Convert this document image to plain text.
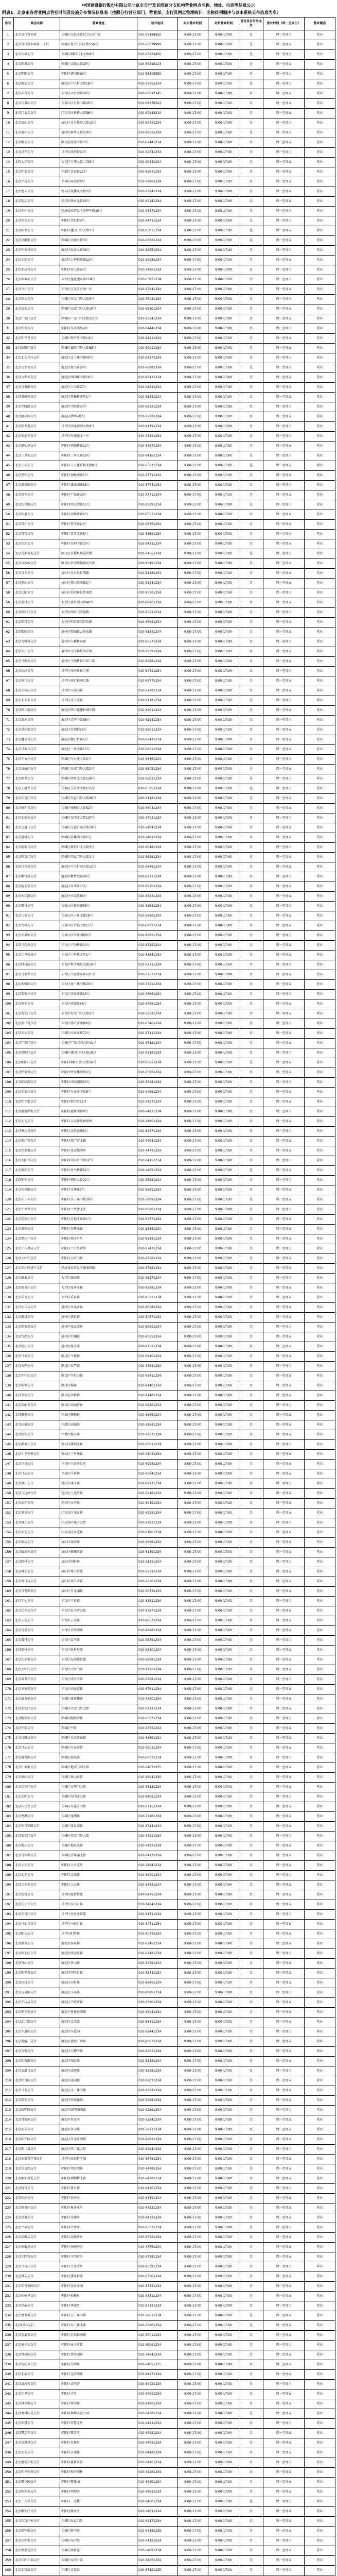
中国建设银行股份有限公司北京市分行及其所辖分支机构营业网点名称、地址、电话等信息公示
附表1：北京市各营业网点营业时间及设施分布情况信息表（按照分行营业部门、营业部、支行及网点整理统计，名称排列顺序与以本系统公布信息为准）
序号	网点名称	营业地址	营业电话	对公营业时间	对私营业时间	是否具有外币业务	营业时间（周一至周日）	营业网点
1	北京分行营业部	东城区东长安街1号东方广场	010-65184555	9:00-17:00	9:00-17:00	是	周一至周日	营业
2	北京分行营业部第一支行	西城区复兴门内大街156号	010-66079999	9:00-17:00	9:00-17:00	是	周一至周五	营业
3	北京东城支行	东城区朝阳门北大街8号	010-65233456	9:00-17:00	9:00-17:00	是	周一至周日	营业
4	北京西城支行	西城区金融大街25号	010-66218123	9:00-17:00	9:00-17:00	是	周一至周五	营业
5	北京朝阳支行	朝阳区建国路88号	010-85805555	9:00-17:00	9:00-17:00	是	周一至周日	营业
6	北京海淀支行	海淀区中关村大街18号	010-62561234	9:00-17:00	9:00-17:00	是	周一至周日	营业
7	北京丰台支行	丰台区丰台南路99号	010-63812345	9:00-17:00	9:00-17:00	否	周一至周五	营业
8	北京石景山支行	石景山区石景山路20号	010-68876543	9:00-17:00	9:00-17:00	否	周一至周五	营业
9	北京门头沟支行	门头沟区新桥大街56号	010-69843210	9:00-17:00	9:00-17:00	否	周一至周五	营业
10	北京房山支行	房山区良乡拱辰大街12号	010-89351234	9:00-17:00	9:00-17:00	否	周一至周日	营业
11	北京通州支行	通州区新华大街100号	010-69551234	9:00-17:00	9:00-17:00	是	周一至周日	营业
12	北京顺义支行	顺义区府前中街5号	010-69441234	9:00-17:00	9:00-17:00	否	周一至周五	营业
13	北京昌平支行	昌平区政府街10号	010-69741234	9:00-17:00	9:00-17:00	否	周一至周日	营业
14	北京大兴支行	大兴区兴华大街二段3号	010-69241234	9:00-17:00	9:00-17:00	否	周一至周五	营业
15	北京怀柔支行	怀柔区青春路22号	010-69621234	9:00-17:00	9:00-17:00	否	周一至周五	营业
16	北京平谷支行	平谷区府前街8号	010-69961234	9:00-17:00	9:00-17:00	否	周一至周五	营业
17	北京密云支行	密云区鼓楼东大街3号	010-69041234	9:00-17:00	9:00-17:00	否	周一至周五	营业
18	北京延庆支行	延庆区妫水北街15号	010-69141234	9:00-17:00	9:00-17:00	否	周一至周五	营业
19	北京亦庄支行	经济技术开发区荣华中路10号	010-67871234	9:00-17:00	9:00-17:00	是	周一至周日	营业
20	北京望京支行	朝阳区望京街9号	010-64711234	9:00-17:00	9:00-17:00	是	周一至周日	营业
21	北京国贸支行	朝阳区建国门外大街1号	010-65051234	9:00-17:00	9:00-17:00	是	周一至周五	营业
22	北京金融街支行	西城区金融大街3号	010-66221234	9:00-17:00	9:00-17:00	是	周一至周五	营业
23	北京中关村支行	海淀区海淀大街38号	010-62651234	9:00-17:00	9:00-17:00	是	周一至周日	营业
24	北京上地支行	海淀区上地信息路12号	010-62981234	9:00-17:00	9:00-17:00	否	周一至周五	营业
25	北京亚运村支行	朝阳区安立路60号	010-64961234	9:00-17:00	9:00-17:00	是	周一至周日	营业
26	北京西客站支行	丰台区莲花池东路118号	010-63951234	9:00-17:00	9:00-17:00	否	周一至周日	营业
27	北京方庄支行	丰台区方庄芳古园一区	010-67641234	9:00-17:00	9:00-17:00	否	周一至周五	营业
28	北京崇文支行	东城区崇文门外大街3号	010-67081234	9:00-17:00	9:00-17:00	是	周一至周日	营业
29	北京宣武支行	西城区宣武门外大街10号	010-63101234	9:00-17:00	9:00-17:00	是	周一至周五	营业
30	北京广安门支行	西城区广安门内大街311号	010-63541234	9:00-17:00	9:00-17:00	否	周一至周五	营业
31	北京安贞支行	朝阳区安贞西里4区	010-64441234	9:00-17:00	9:00-17:00	否	周一至周日	营业
32	北京和平里支行	东城区和平里中街14号	010-84211234	9:00-17:00	9:00-17:00	否	周一至周五	营业
33	北京德胜门支行	西城区德胜门外大街83号	010-62011234	9:00-17:00	9:00-17:00	否	周一至周五	营业
34	北京北太平庄支行	海淀区北三环中路40号	010-62371234	9:00-17:00	9:00-17:00	否	周一至周日	营业
35	北京公主坟支行	海淀区复兴路29号	010-68281234	9:00-17:00	9:00-17:00	是	周一至周日	营业
36	北京五棵松支行	海淀区西四环中路16号	010-88121234	9:00-17:00	9:00-17:00	否	周一至周五	营业
37	北京万寿路支行	海淀区万寿路27号	010-68211234	9:00-17:00	9:00-17:00	否	周一至周五	营业
38	北京双榆树支行	海淀区双榆树南里1号	010-62551234	9:00-17:00	9:00-17:00	否	周一至周五	营业
39	北京学院路支行	海淀区学院路30号	010-62321234	9:00-17:00	9:00-17:00	否	周一至周日	营业
40	北京清华园支行	海淀区清华园1号	010-62781234	9:00-17:00	9:00-17:00	否	周一至周五	营业
41	北京回龙观支行	昌平区回龙观西大街9号	010-81791234	9:00-17:00	9:00-17:00	否	周一至周日	营业
42	北京天通苑支行	昌平区天通苑北一区	010-84821234	9:00-17:00	9:00-17:00	否	周一至周日	营业
43	北京酒仙桥支行	朝阳区酒仙桥路12号	010-64371234	9:00-17:00	9:00-17:00	否	周一至周五	营业
44	北京三里屯支行	朝阳区三里屯路19号	010-64161234	9:00-17:00	9:00-17:00	是	周一至周日	营业
45	北京工体支行	朝阳区工人体育场北路8号	010-65521234	9:00-17:00	9:00-17:00	是	周一至周五	营业
46	北京劲松支行	朝阳区劲松南路1号	010-67711234	9:00-17:00	9:00-17:00	否	周一至周五	营业
47	北京潘家园支行	朝阳区潘家园路18号	010-67741234	9:00-17:00	9:00-17:00	否	周一至周日	营业
48	北京双井支行	朝阳区广渠路36号	010-87711234	9:00-17:00	9:00-17:00	否	周一至周五	营业
49	北京大望路支行	朝阳区西大望路15号	010-85991234	9:00-17:00	9:00-17:00	是	周一至周日	营业
50	北京四惠支行	朝阳区高碑店路6号	010-85571234	9:00-17:00	9:00-17:00	否	周一至周五	营业
51	北京管庄支行	朝阳区管庄路20号	010-65761234	9:00-17:00	9:00-17:00	否	周一至周五	营业
52	北京常营支行	朝阳区常营北路5号	010-85391234	9:00-17:00	9:00-17:00	否	周一至周日	营业
53	北京东坝支行	朝阳区东坝中路30号	010-84311234	9:00-17:00	9:00-17:00	否	周一至周五	营业
54	北京首都机场支行	顺义区首都机场航站楼	010-64561234	9:00-17:00	9:00-17:00	是	周一至周日	营业
55	北京后沙峪支行	顺义区后沙峪镇裕民大街	010-80491234	9:00-17:00	9:00-17:00	否	周一至周五	营业
56	北京良乡支行	房山区良乡长虹西路	010-81381234	9:00-17:00	9:00-17:00	否	周一至周五	营业
57	北京燕山支行	房山区燕山岗南路2号	010-69341234	9:00-17:00	9:00-17:00	否	周一至周五	营业
58	北京长阳支行	房山区长阳镇长政南街	010-80361234	9:00-17:00	9:00-17:00	否	周一至周日	营业
59	北京黄村支行	大兴区黄村西大街40号	010-69261234	9:00-17:00	9:00-17:00	否	周一至周五	营业
60	北京西红门支行	大兴区西红门宏福路	010-60211234	9:00-17:00	9:00-17:00	否	周一至周日	营业
61	北京旧宫支行	大兴区旧宫镇旧宫东路	010-67981234	9:00-17:00	9:00-17:00	否	周一至周五	营业
62	北京梨园支行	通州区梨园镇云景东路	010-81531234	9:00-17:00	9:00-17:00	否	周一至周五	营业
63	北京九棵树支行	通州区九棵树东路	010-60571234	9:00-17:00	9:00-17:00	否	周一至周日	营业
64	北京宋庄支行	通州区宋庄镇政府东街	010-69591234	9:00-17:00	9:00-17:00	否	周一至周五	营业
65	北京马驹桥支行	通州区马驹桥镇兴贸三街	010-80881234	9:00-17:00	9:00-17:00	否	周一至周五	营业
66	北京沙河支行	昌平区沙河镇松兰堡	010-80721234	9:00-17:00	9:00-17:00	否	周一至周日	营业
67	北京南口支行	昌平区南口镇南口路	010-69771234	9:00-17:00	9:00-17:00	否	周一至周五	营业
68	北京小汤山支行	昌平区小汤山镇	010-61781234	9:00-17:00	9:00-17:00	否	周一至周五	营业
69	北京北七家支行	昌平区北七家镇	010-81781234	9:00-17:00	9:00-17:00	否	周一至周日	营业
70	北京西三旗支行	海淀区西三旗建材城中路	010-82911234	9:00-17:00	9:00-17:00	否	周一至周五	营业
71	北京清河支行	海淀区清河中街68号	010-62931234	9:00-17:00	9:00-17:00	否	周一至周日	营业
72	北京苏州街支行	海淀区苏州街18号	010-82611234	9:00-17:00	9:00-17:00	是	周一至周五	营业
73	北京魏公村支行	海淀区魏公村路6号	010-68421234	9:00-17:00	9:00-17:00	否	周一至周五	营业
74	北京甘家口支行	海淀区三里河路17号	010-68311234	9:00-17:00	9:00-17:00	否	周一至周五	营业
75	北京车公庄支行	西城区车公庄大街9号	010-88361234	9:00-17:00	9:00-17:00	否	周一至周日	营业
76	北京阜成门支行	西城区阜成门外大街2号	010-68051234	9:00-17:00	9:00-17:00	是	周一至周五	营业
77	北京西单支行	西城区西单北大街120号	010-66021234	9:00-17:00	9:00-17:00	是	周一至周日	营业
78	北京王府井支行	东城区王府井大街255号	010-65251234	9:00-17:00	9:00-17:00	是	周一至周日	营业
79	北京东直门支行	东城区东直门外大街46号	010-64181234	9:00-17:00	9:00-17:00	是	周一至周五	营业
80	北京雍和宫支行	东城区雍和宫大街52号	010-84041234	9:00-17:00	9:00-17:00	否	周一至周五	营业
81	北京北新桥支行	东城区东四北大街107号	010-64031234	9:00-17:00	9:00-17:00	否	周一至周日	营业
82	北京交道口支行	东城区交道口南大街19号	010-64041234	9:00-17:00	9:00-17:00	否	周一至周五	营业
83	北京鼓楼支行	西城区鼓楼西大街6号	010-64011234	9:00-17:00	9:00-17:00	否	周一至周五	营业
84	北京新街口支行	西城区新街口北大街3号	010-66181234	9:00-17:00	9:00-17:00	否	周一至周日	营业
85	北京西直门支行	西城区西直门外大街1号	010-88381234	9:00-17:00	9:00-17:00	是	周一至周五	营业
86	北京白石桥支行	海淀区中关村南大街12号	010-68481234	9:00-17:00	9:00-17:00	否	周一至周五	营业
87	北京紫竹桥支行	海淀区紫竹院路98号	010-68711234	9:00-17:00	9:00-17:00	否	周一至周日	营业
88	北京航天桥支行	海淀区阜成路73号	010-68151234	9:00-17:00	9:00-17:00	否	周一至周五	营业
89	北京永定路支行	海淀区永定路88号	010-68231234	9:00-17:00	9:00-17:00	否	周一至周五	营业
90	北京鲁谷支行	石景山区鲁谷路35号	010-68631234	9:00-17:00	9:00-17:00	否	周一至周日	营业
91	北京八角支行	石景山区八角北路18号	010-68861234	9:00-17:00	9:00-17:00	否	周一至周五	营业
92	北京古城支行	石景山区古城大街11号	010-68871234	9:00-17:00	9:00-17:00	否	周一至周五	营业
93	北京苹果园支行	石景山区苹果园路6号	010-88951234	9:00-17:00	9:00-17:00	否	周一至周日	营业
94	北京卢沟桥支行	丰台区卢沟桥路10号	010-83251234	9:00-17:00	9:00-17:00	否	周一至周五	营业
95	北京六里桥支行	丰台区六里桥北里1号	010-63341234	9:00-17:00	9:00-17:00	否	周一至周五	营业
96	北京科技园支行	丰台区科学城星火路10号	010-63711234	9:00-17:00	9:00-17:00	否	周一至周日	营业
97	北京马家堡支行	丰台区马家堡东路121号	010-67571234	9:00-17:00	9:00-17:00	否	周一至周五	营业
98	北京木樨园支行	丰台区南三环中路20号	010-67211234	9:00-17:00	9:00-17:00	否	周一至周五	营业
99	北京宋家庄支行	丰台区宋家庄路15号	010-67661234	9:00-17:00	9:00-17:00	否	周一至周日	营业
100	北京南苑支行	丰台区南苑路66号	010-67991234	9:00-17:00	9:00-17:00	否	周一至周五	营业
101	北京右安门支行	丰台区右安门外大街2号	010-63521234	9:00-17:00	9:00-17:00	否	周一至周五	营业
102	北京菜户营支行	丰台区菜户营南路8号	010-63461234	9:00-17:00	9:00-17:00	否	周一至周日	营业
103	北京天坛支行	东城区天坛东路72号	010-67111234	9:00-17:00	9:00-17:00	否	周一至周五	营业
104	北京广渠门支行	东城区广渠门内大街41号	010-67121234	9:00-17:00	9:00-17:00	否	周一至周五	营业
105	北京建国门支行	东城区建国门内大街18号	010-65121234	9:00-17:00	9:00-17:00	是	周一至周日	营业
106	北京朝阳门支行	朝阳区朝阳门外大街16号	010-85651234	9:00-17:00	9:00-17:00	是	周一至周五	营业
107	北京呼家楼支行	朝阳区呼家楼西里2号	010-65951234	9:00-17:00	9:00-17:00	否	周一至周五	营业
108	北京团结湖支行	朝阳区团结湖路13号	010-85981234	9:00-17:00	9:00-17:00	否	周一至周日	营业
109	北京左家庄支行	朝阳区左家庄中街8号	010-64681234	9:00-17:00	9:00-17:00	否	周一至周五	营业
110	北京和平街支行	朝阳区和平街11区	010-64271234	9:00-17:00	9:00-17:00	否	周一至周五	营业
111	北京惠新西街支行	朝阳区惠新西街9号	010-64921234	9:00-17:00	9:00-17:00	否	周一至周日	营业
112	北京大屯支行	朝阳区大屯路风林绿洲	010-64801234	9:00-17:00	9:00-17:00	否	周一至周五	营业
113	北京奥运村支行	朝阳区北辰东路8号	010-84371234	9:00-17:00	9:00-17:00	是	周一至周日	营业
114	北京来广营支行	朝阳区来广营北路	010-84941234	9:00-17:00	9:00-17:00	否	周一至周五	营业
115	北京花家地支行	朝阳区花家地西里	010-64721234	9:00-17:00	9:00-17:00	否	周一至周五	营业
116	北京太阳宫支行	朝阳区太阳宫中路12号	010-84151234	9:00-17:00	9:00-17:00	否	周一至周日	营业
117	北京燕莎支行	朝阳区亮马桥路52号	010-64651234	9:00-17:00	9:00-17:00	是	周一至周五	营业
118	北京朝外支行	朝阳区朝外大街22号	010-65881234	9:00-17:00	9:00-17:00	是	周一至周日	营业
119	北京光华路支行	朝阳区光华路7号	010-65611234	9:00-17:00	9:00-17:00	是	周一至周五	营业
120	北京东三环支行	朝阳区东三环中路39号	010-58691234	9:00-17:00	9:00-17:00	是	周一至周五	营业
121	北京十里堡支行	朝阳区十里堡北里	010-85861234	9:00-17:00	9:00-17:00	否	周一至周日	营业
122	北京定福庄支行	朝阳区定福庄东街1号	010-65771234	9:00-17:00	9:00-17:00	否	周一至周五	营业
123	北京双桥支行	朝阳区双桥东路	010-85361234	9:00-17:00	9:00-17:00	否	周一至周五	营业
124	北京黑庄户支行	朝阳区黑庄户乡	010-85381234	9:00-17:00	9:00-17:00	否	周一至周五	营业
125	北京十八里店支行	朝阳区十八里店乡	010-67471234	9:00-17:00	9:00-17:00	否	周一至周日	营业
126	北京小红门支行	朝阳区小红门路	010-87681234	9:00-17:00	9:00-17:00	否	周一至周五	营业
127	北京亦庄经济区支行	经济技术开发区地盛西路	010-67881234	9:00-17:00	9:00-17:00	否	周一至周五	营业
128	北京瀛海支行	大兴区瀛海镇	010-69271234	9:00-17:00	9:00-17:00	否	周一至周日	营业
129	北京庞各庄支行	大兴区庞各庄镇	010-89281234	9:00-17:00	9:00-17:00	否	周一至周五	营业
130	北京采育支行	大兴区采育镇	010-80271234	9:00-17:00	9:00-17:00	否	周一至周五	营业
131	北京永乐店支行	通州区永乐店镇	010-80581234	9:00-17:00	9:00-17:00	否	周一至周五	营业
132	北京漷县支行	通州区漷县镇	010-80571234	9:00-17:00	9:00-17:00	否	周一至周五	营业
133	北京张家湾支行	通州区张家湾镇	010-80561234	9:00-17:00	9:00-17:00	否	周一至周日	营业
134	北京台湖支行	通州区台湖镇	010-80551234	9:00-17:00	9:00-17:00	否	周一至周五	营业
135	北京杨庄支行	通州区杨庄路	010-81521234	9:00-17:00	9:00-17:00	否	周一至周五	营业
136	北京马坡支行	顺义区马坡镇	010-69401234	9:00-17:00	9:00-17:00	否	周一至周五	营业
137	北京天竺支行	顺义区天竺镇	010-64581234	9:00-17:00	9:00-17:00	是	周一至周日	营业
138	北京牛栏山支行	顺义区牛栏山镇	010-69411234	9:00-17:00	9:00-17:00	否	周一至周五	营业
139	北京杨镇支行	顺义区杨镇	010-61461234	9:00-17:00	9:00-17:00	否	周一至周五	营业
140	北京李桥支行	顺义区李桥镇	010-81481234	9:00-17:00	9:00-17:00	否	周一至周五	营业
141	北京高丽营支行	顺义区高丽营镇	010-69461234	9:00-17:00	9:00-17:00	否	周一至周日	营业
142	北京雁栖支行	怀柔区雁栖镇	010-69661234	9:00-17:00	9:00-17:00	否	周一至周五	营业
143	北京庙城支行	怀柔区庙城镇	010-61681234	9:00-17:00	9:00-17:00	否	周一至周五	营业
144	北京杨宋支行	怀柔区杨宋镇	010-69671234	9:00-17:00	9:00-17:00	否	周一至周五	营业
145	北京溪翁庄支行	密云区溪翁庄镇	010-69011234	9:00-17:00	9:00-17:00	否	周一至周日	营业
146	北京十里堡镇支行	密云区十里堡镇	010-61031234	9:00-17:00	9:00-17:00	否	周一至周五	营业
147	北京兴谷支行	平谷区兴谷开发区	010-69981234	9:00-17:00	9:00-17:00	否	周一至周五	营业
148	北京马坊支行	平谷区马坊镇	010-60941234	9:00-17:00	9:00-17:00	否	周一至周五	营业
149	北京康庄支行	延庆区康庄镇	010-69121234	9:00-17:00	9:00-17:00	否	周一至周日	营业
150	北京八达岭支行	延庆区八达岭镇	010-69181234	9:00-17:00	9:00-17:00	否	周一至周五	营业
151	北京永宁支行	延庆区永宁镇	010-60191234	9:00-17:00	9:00-17:00	否	周一至周五	营业
152	北京龙泉支行	门头沟区龙泉镇	010-69851234	9:00-17:00	9:00-17:00	否	周一至周五	营业
153	北京城子支行	门头沟区城子大街	010-69831234	9:00-17:00	9:00-17:00	否	周一至周日	营业
154	北京永定支行	门头沟区永定镇	010-61801234	9:00-17:00	9:00-17:00	否	周一至周五	营业
155	北京窦店支行	房山区窦店镇	010-69391234	9:00-17:00	9:00-17:00	否	周一至周五	营业
156	北京琉璃河支行	房山区琉璃河镇	010-61391234	9:00-17:00	9:00-17:00	否	周一至周五	营业
157	北京阎村支行	房山区阎村镇	010-61351234	9:00-17:00	9:00-17:00	否	周一至周日	营业
158	北京城关支行	房山区城关街道	010-69311234	9:00-17:00	9:00-17:00	否	周一至周五	营业
159	北京周口店支行	房山区周口店镇	010-69301234	9:00-17:00	9:00-17:00	否	周一至周五	营业
160	北京青龙湖支行	房山区青龙湖镇	010-60331234	9:00-17:00	9:00-17:00	否	周一至周五	营业
161	北京王佐支行	丰台区王佐镇	010-83311234	9:00-17:00	9:00-17:00	否	周一至周日	营业
162	北京长辛店支行	丰台区长辛店大街	010-83871234	9:00-17:00	9:00-17:00	否	周一至周五	营业
163	北京云岗支行	丰台区云岗路	010-88531234	9:00-17:00	9:00-17:00	否	周一至周五	营业
164	北京青塔支行	丰台区青塔西路	010-88681234	9:00-17:00	9:00-17:00	否	周一至周五	营业
165	北京看丹支行	丰台区看丹路	010-63781234	9:00-17:00	9:00-17:00	否	周一至周日	营业
166	北京新村支行	丰台区新村街道	010-63801234	9:00-17:00	9:00-17:00	否	周一至周五	营业
167	北京东高地支行	丰台区东高地街道	010-68381234	9:00-17:00	9:00-17:00	否	周一至周五	营业
168	北京大红门支行	丰台区大红门路	010-87261234	9:00-17:00	9:00-17:00	否	周一至周五	营业
169	北京成寿寺支行	丰台区成寿寺路	010-67681234	9:00-17:00	9:00-17:00	否	周一至周日	营业
170	北京刘家窑支行	丰台区刘家窑路	010-67611234	9:00-17:00	9:00-17:00	否	周一至周五	营业
171	北京蒲黄榆支行	东城区蒲黄榆路	010-67201234	9:00-17:00	9:00-17:00	否	周一至周五	营业
172	北京永定门支行	东城区永定门外大街	010-67221234	9:00-17:00	9:00-17:00	否	周一至周五	营业
173	北京陶然亭支行	西城区陶然亭路	010-63531234	9:00-17:00	9:00-17:00	否	周一至周日	营业
174	北京牛街支行	西城区牛街	010-63551234	9:00-17:00	9:00-17:00	否	周一至周五	营业
175	北京白纸坊支行	西城区白纸坊东街	010-63561234	9:00-17:00	9:00-17:00	否	周一至周五	营业
176	北京月坛支行	西城区月坛南街	010-68021234	9:00-17:00	9:00-17:00	否	周一至周五	营业
177	北京展览路支行	西城区展览路	010-68331234	9:00-17:00	9:00-17:00	否	周一至周日	营业
178	北京什刹海支行	西城区地安门西大街	010-64031235	9:00-17:00	9:00-17:00	否	周一至周五	营业
179	北京景山支行	东城区景山东街	010-64041235	9:00-17:00	9:00-17:00	否	周一至周五	营业
180	北京东华门支行	东城区东华门大街	010-65131234	9:00-17:00	9:00-17:00	是	周一至周五	营业
181	北京东四支行	东城区东四北大街	010-84081234	9:00-17:00	9:00-17:00	否	周一至周日	营业
182	北京东花市支行	东城区东花市大街	010-67151234	9:00-17:00	9:00-17:00	否	周一至周五	营业
183	北京龙潭支行	东城区龙潭路	010-67181234	9:00-17:00	9:00-17:00	否	周一至周五	营业
184	北京体育馆路支行	东城区体育馆路	010-67141234	9:00-17:00	9:00-17:00	否	周一至周五	营业
185	北京安定门支行	东城区安定门外大街	010-64211234	9:00-17:00	9:00-17:00	否	周一至周日	营业
186	北京地坛支行	东城区地坛北路	010-64221234	9:00-17:00	9:00-17:00	否	周一至周五	营业
187	北京青年湖支行	东城区青年湖北街	010-64231234	9:00-17:00	9:00-17:00	否	周一至周五	营业
188	北京小关支行	朝阳区小关北里	010-64941234	9:00-17:00	9:00-17:00	否	周一至周五	营业
189	北京北苑支行	朝阳区北苑路	010-84901234	9:00-17:00	9:00-17:00	否	周一至周日	营业
190	北京立水桥支行	朝阳区立水桥	010-84831234	9:00-17:00	9:00-17:00	否	周一至周五	营业
191	北京霍营支行	昌平区霍营街道	010-81751234	9:00-17:00	9:00-17:00	否	周一至周五	营业
192	北京东小口支行	昌平区东小口镇	010-84841234	9:00-17:00	9:00-17:00	否	周一至周五	营业
193	北京史各庄支行	昌平区史各庄街道	010-81711234	9:00-17:00	9:00-17:00	否	周一至周日	营业
194	北京马池口支行	昌平区马池口镇	010-60711234	9:00-17:00	9:00-17:00	否	周一至周五	营业
195	北京阳坊支行	昌平区阳坊镇	010-60751234	9:00-17:00	9:00-17:00	否	周一至周五	营业
196	北京温泉支行	海淀区温泉镇	010-62451234	9:00-17:00	9:00-17:00	否	周一至周五	营业
197	北京西北旺支行	海淀区西北旺镇	010-62481234	9:00-17:00	9:00-17:00	否	周一至周日	营业
198	北京香山支行	海淀区香山路	010-62591234	9:00-17:00	9:00-17:00	否	周一至周五	营业
199	北京四季青支行	海淀区四季青镇	010-88431234	9:00-17:00	9:00-17:00	否	周一至周五	营业
200	北京田村支行	海淀区田村路	010-88451234	9:00-17:00	9:00-17:00	否	周一至周五	营业
201	北京玉泉路支行	海淀区玉泉路	010-88261234	9:00-17:00	9:00-17:00	否	周一至周日	营业
202	北京羊坊店支行	海淀区羊坊店路	010-63901234	9:00-17:00	9:00-17:00	否	周一至周五	营业
203	北京莲花池支行	海淀区莲花池西路	010-63941234	9:00-17:00	9:00-17:00	否	周一至周五	营业
204	北京北洼路支行	海淀区北洼路	010-68411234	9:00-17:00	9:00-17:00	否	周一至周五	营业
205	北京车道沟支行	海淀区车道沟	010-68441234	9:00-17:00	9:00-17:00	否	周一至周日	营业
206	北京蓝靛厂支行	海淀区蓝靛厂南路	010-88571234	9:00-17:00	9:00-17:00	否	周一至周五	营业
207	北京万柳支行	海淀区万柳中路	010-82551234	9:00-17:00	9:00-17:00	否	周一至周五	营业
208	北京知春路支行	海淀区知春路	010-82351234	9:00-17:00	9:00-17:00	是	周一至周五	营业
209	北京五道口支行	海淀区成府路	010-82381234	9:00-17:00	9:00-17:00	是	周一至周日	营业
210	北京牡丹园支行	海淀区花园路	010-82021234	9:00-17:00	9:00-17:00	否	周一至周五	营业
211	北京马甸支行	海淀区北三环中路	010-82081234	9:00-17:00	9:00-17:00	否	周一至周五	营业
212	北京西苑支行	海淀区西苑操场	010-62881234	9:00-17:00	9:00-17:00	否	周一至周五	营业
213	北京圆明园支行	海淀区圆明园西路	010-62891234	9:00-17:00	9:00-17:00	否	周一至周日	营业
214	北京肖家河支行	海淀区肖家河	010-62841234	9:00-17:00	9:00-17:00	否	周一至周五	营业
215	北京永丰支行	海淀区永丰路	010-58711234	9:00-17:00	9:00-17:00	否	周一至周五	营业
216	北京软件园支行	海淀区东北旺西路	010-82821234	9:00-17:00	9:00-17:00	否	周一至周五	营业
217	北京西二旗支行	海淀区西二旗大街	010-82841234	9:00-17:00	9:00-17:00	否	周一至周日	营业
218	北京未来科学城支行	昌平区未来科学城	010-56781234	9:00-17:00	9:00-17:00	否	周一至周五	营业
219	北京望京西支行	朝阳区望京西路	010-64781234	9:00-17:00	9:00-17:00	是	周一至周五	营业
220	北京酒仙桥北支行	朝阳区酒仙桥北路	010-64381234	9:00-17:00	9:00-17:00	否	周一至周五	营业
221	北京将台支行	朝阳区将台路	010-64361234	9:00-17:00	9:00-17:00	否	周一至周日	营业
222	北京孙河支行	朝阳区孙河乡	010-84591234	9:00-17:00	9:00-17:00	否	周一至周五	营业
223	北京崔各庄支行	朝阳区崔各庄乡	010-64331234	9:00-17:00	9:00-17:00	否	周一至周五	营业
224	北京金盏支行	朝阳区金盏乡	010-84331234	9:00-17:00	9:00-17:00	否	周一至周五	营业
225	北京平房支行	朝阳区平房乡	010-85331234	9:00-17:00	9:00-17:00	否	周一至周日	营业
226	北京高碑店支行	朝阳区高碑店乡	010-85781234	9:00-17:00	9:00-17:00	否	周一至周五	营业
227	北京南磨房支行	朝阳区南磨房乡	010-87751234	9:00-17:00	9:00-17:00	否	周一至周五	营业
228	北京王四营支行	朝阳区王四营乡	010-67381234	9:00-17:00	9:00-17:00	否	周一至周五	营业
229	北京豆各庄支行	朝阳区豆各庄乡	010-85321234	9:00-17:00	9:00-17:00	否	周一至周日	营业
230	北京垡头支行	朝阳区垡头街道	010-67361234	9:00-17:00	9:00-17:00	否	周一至周五	营业
231	北京弘善家园支行	朝阳区弘善家园	010-87331234	9:00-17:00	9:00-17:00	否	周一至周五	营业
232	北京松榆里支行	朝阳区松榆里	010-87311234	9:00-17:00	9:00-17:00	否	周一至周五	营业
233	北京华威支行	朝阳区华威里	010-87321234	9:00-17:00	9:00-17:00	否	周一至周日	营业
234	北京富力城支行	朝阳区东三环中路	010-58611234	9:00-17:00	9:00-17:00	是	周一至周五	营业
235	北京CBD支行	朝阳区东三环北路	010-65861234	9:00-17:00	9:00-17:00	是	周一至周五	营业
236	北京农展馆支行	朝阳区农展馆南路	010-65011234	9:00-17:00	9:00-17:00	否	周一至周五	营业
237	北京麦子店支行	朝阳区麦子店街	010-65061234	9:00-17:00	9:00-17:00	否	周一至周日	营业
238	北京香河园支行	朝阳区香河园路	010-64641234	9:00-17:00	9:00-17:00	否	周一至周五	营业
239	北京芍药居支行	朝阳区芍药居	010-64651235	9:00-17:00	9:00-17:00	否	周一至周五	营业
240	北京北辰支行	朝阳区北辰西路	010-84971234	9:00-17:00	9:00-17:00	否	周一至周五	营业
241	北京清河营支行	朝阳区清河营	010-84921234	9:00-17:00	9:00-17:00	否	周一至周日	营业
242	北京洼里支行	朝阳区洼里	010-84951234	9:00-17:00	9:00-17:00	否	周一至周五	营业
243	北京林萃路支行	朝阳区林萃路	010-84861234	9:00-17:00	9:00-17:00	否	周一至周五	营业
244	北京奥林匹克支行	朝阳区奥林匹克公园	010-84381234	9:00-17:00	9:00-17:00	是	周一至周五	营业
245	北京安慧支行	朝阳区安慧北里	010-64911234	9:00-17:00	9:00-17:00	否	周一至周日	营业
246	北京慧忠里支行	朝阳区慧忠里	010-64931234	9:00-17:00	9:00-17:00	否	周一至周五	营业
247	北京育慧里支行	朝阳区育慧里	010-64951234	9:00-17:00	9:00-17:00	否	周一至周五	营业
248	北京安苑支行	朝阳区安苑路	010-64981234	9:00-17:00	9:00-17:00	否	周一至周五	营业
249	北京惠新东街支行	朝阳区惠新东街	010-64901234	9:00-17:00	9:00-17:00	否	周一至周日	营业
250	北京和平西桥支行	朝阳区和平西桥	010-64281234	9:00-17:00	9:00-17:00	否	周一至周五	营业
251	北京樱花园支行	朝阳区樱花园	010-64291234	9:00-17:00	9:00-17:00	否	周一至周五	营业
252	北京西坝河支行	朝阳区西坝河	010-64631234	9:00-17:00	9:00-17:00	否	周一至周五	营业
253	北京三元桥支行	朝阳区三元桥	010-64601234	9:00-17:00	9:00-17:00	是	周一至周日	营业
254	北京静安庄支行	朝阳区静安庄	010-64611234	9:00-17:00	9:00-17:00	否	周一至周五	营业
255	北京东直门外支行	东城区东直门外	010-64171234	9:00-17:00	9:00-17:00	否	周一至周五	营业
256	北京新中街支行	东城区新中街	010-64161235	9:00-17:00	9:00-17:00	否	周一至周五	营业
257	北京东中街支行	东城区东中街	010-64151234	9:00-17:00	9:00-17:00	否	周一至周日	营业
258	北京南新仓支行	东城区南新仓	010-64091234	9:00-17:00	9:00-17:00	否	周一至周五	营业
259	北京东四十条支行	东城区东四十条	010-64061234	9:00-17:00	9:00-17:00	是	周一至周五	营业
260	北京北京站支行	东城区北京站	010-65121235	9:00-17:00	9:00-17:00	是	周一至周日	营业
